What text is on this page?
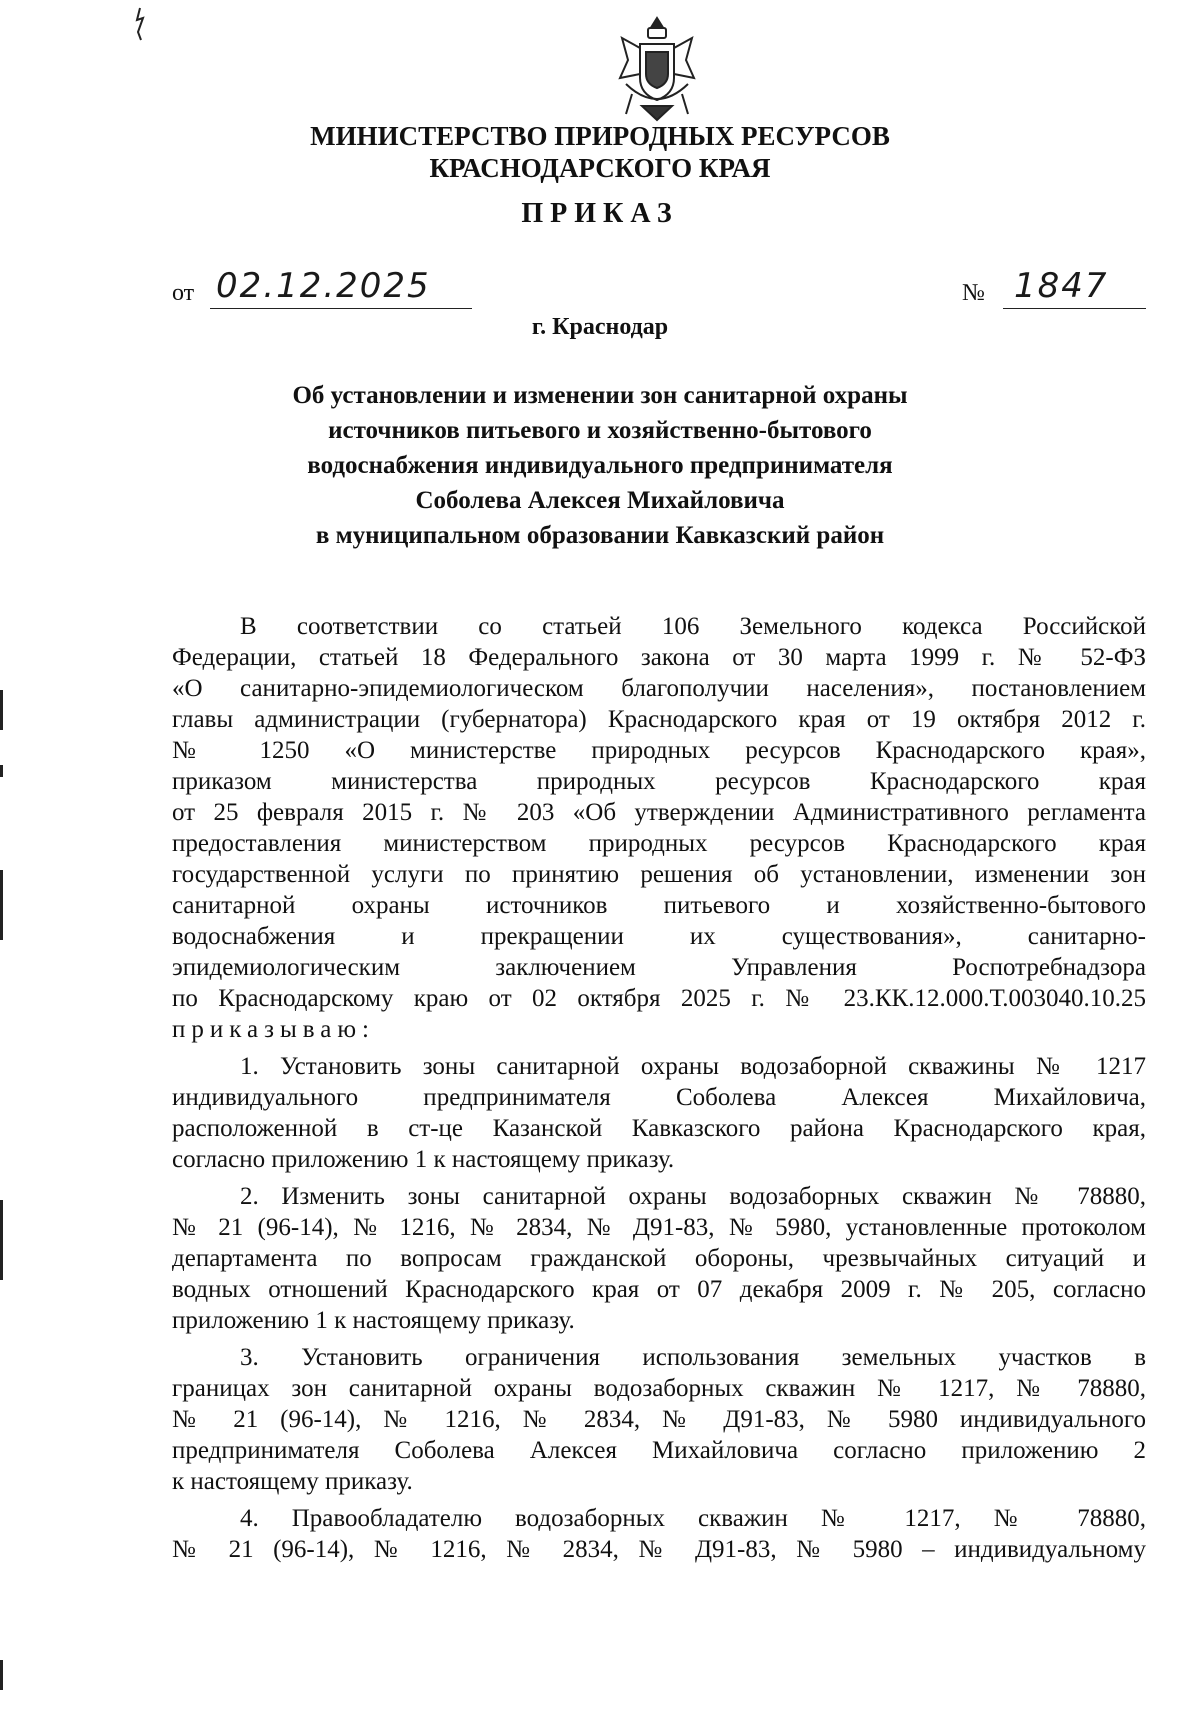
МИНИСТЕРСТВО ПРИРОДНЫХ РЕСУРСОВ
КРАСНОДАРСКОГО КРАЯ
ПРИКАЗ
от 02.12.2025	№ 1847
г. Краснодар
Об установлении и изменении зон санитарной охраны
источников питьевого и хозяйственно-бытового
водоснабжения индивидуального предпринимателя
Соболева Алексея Михайловича
в муниципальном образовании Кавказский район
В соответствии со статьей 106 Земельного кодекса Российской
Федерации, статьей 18 Федерального закона от 30 марта 1999 г. № 52-ФЗ
«О санитарно-эпидемиологическом благополучии населения», постановлением
главы администрации (губернатора) Краснодарского края от 19 октября 2012 г.
№ 1250 «О министерстве природных ресурсов Краснодарского края»,
приказом министерства природных ресурсов Краснодарского края
от 25 февраля 2015 г. № 203 «Об утверждении Административного регламента
предоставления министерством природных ресурсов Краснодарского края
государственной услуги по принятию решения об установлении, изменении зон
санитарной охраны источников питьевого и хозяйственно-бытового
водоснабжения и прекращении их существования», санитарно-
эпидемиологическим заключением Управления Роспотребнадзора
по Краснодарскому краю от 02 октября 2025 г. № 23.КК.12.000.Т.003040.10.25
приказываю:
1. Установить зоны санитарной охраны водозаборной скважины № 1217
индивидуального предпринимателя Соболева Алексея Михайловича,
расположенной в ст-це Казанской Кавказского района Краснодарского края,
согласно приложению 1 к настоящему приказу.
2. Изменить зоны санитарной охраны водозаборных скважин № 78880,
№ 21 (96-14), № 1216, № 2834, № Д91-83, № 5980, установленные протоколом
департамента по вопросам гражданской обороны, чрезвычайных ситуаций и
водных отношений Краснодарского края от 07 декабря 2009 г. № 205, согласно
приложению 1 к настоящему приказу.
3. Установить ограничения использования земельных участков в
границах зон санитарной охраны водозаборных скважин № 1217, № 78880,
№ 21 (96-14), № 1216, № 2834, № Д91-83, № 5980 индивидуального
предпринимателя Соболева Алексея Михайловича согласно приложению 2
к настоящему приказу.
4. Правообладателю водозаборных скважин № 1217, № 78880,
№ 21 (96-14), № 1216, № 2834, № Д91-83, № 5980 – индивидуальному
